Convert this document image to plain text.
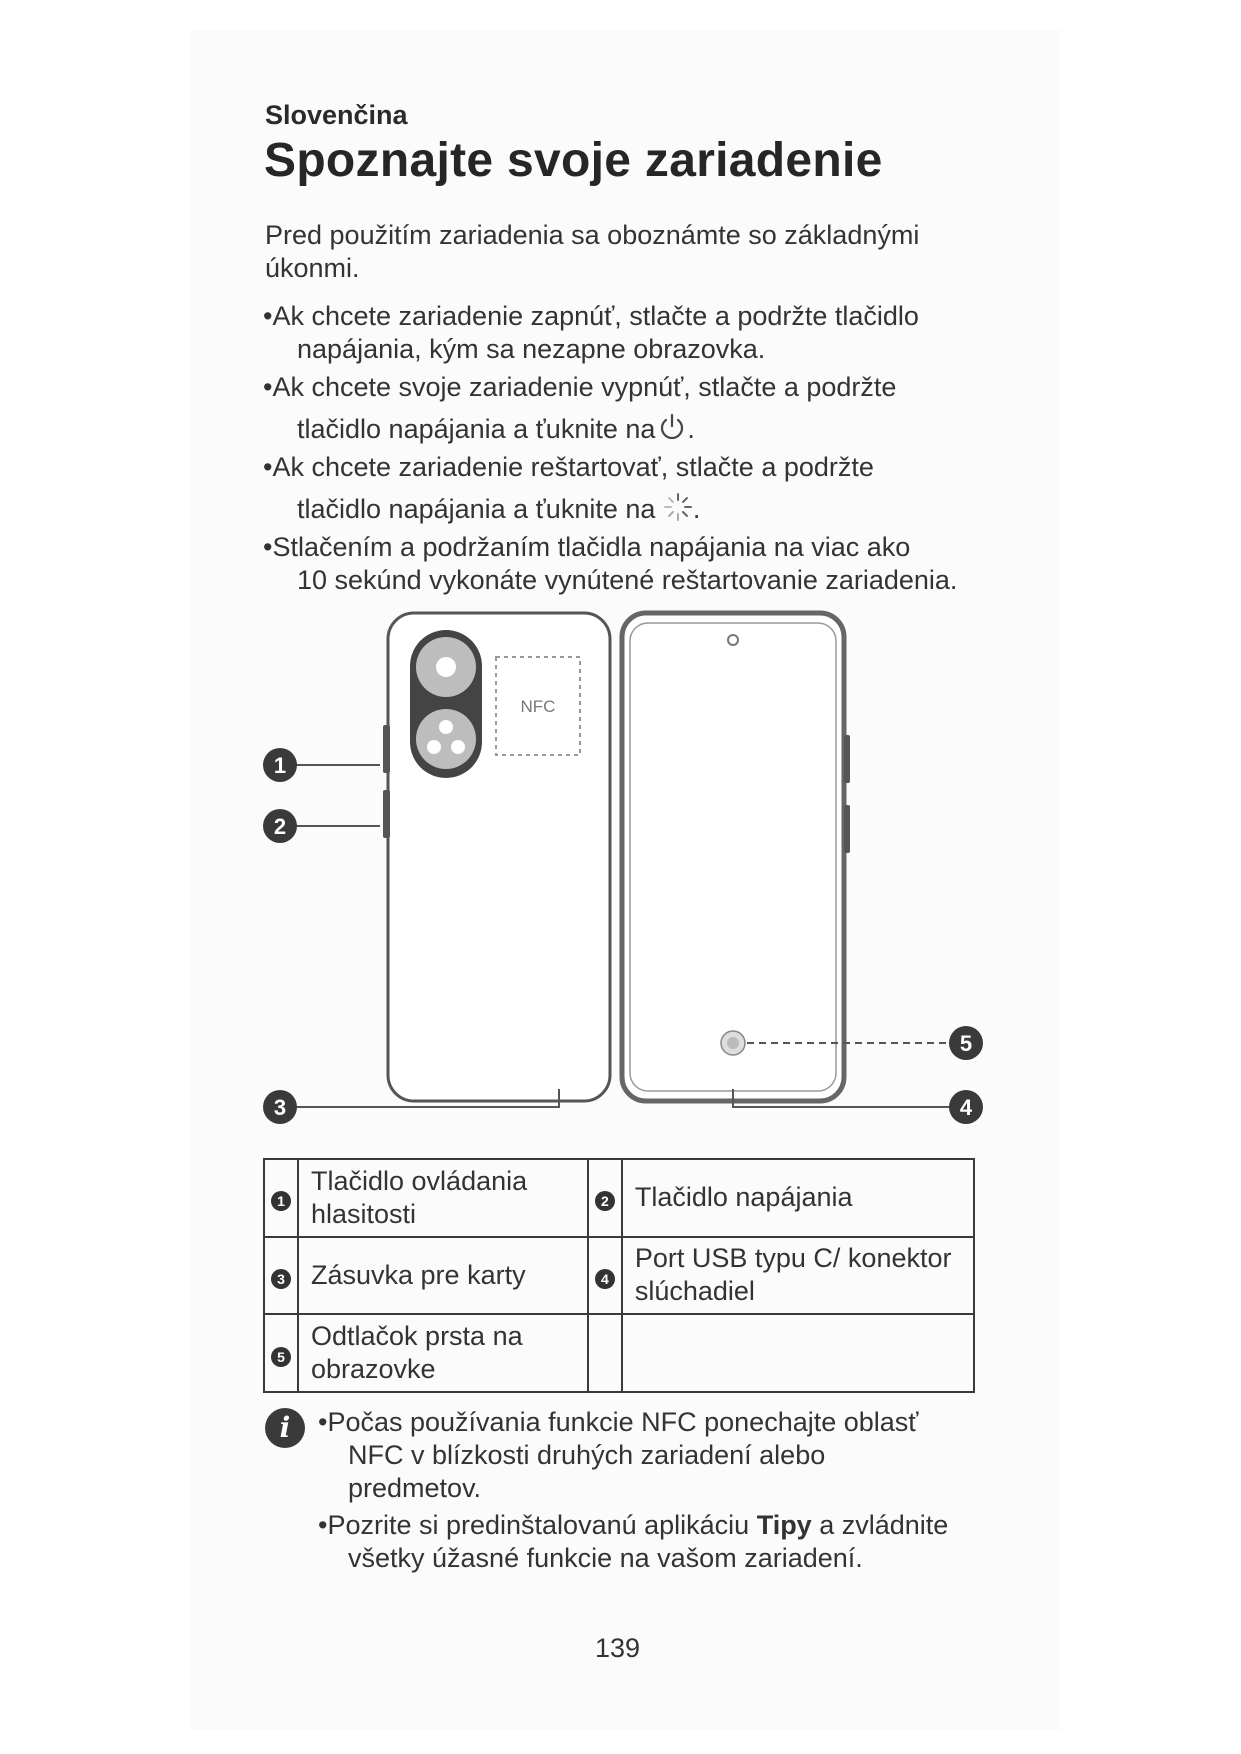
Slovenčina
Spoznajte svoje zariadenie
Pred použitím zariadenia sa oboznámte so základnými
úkonmi.
•Ak chcete zariadenie zapnúť, stlačte a podržte tlačidlo
napájania, kým sa nezapne obrazovka.
•Ak chcete svoje zariadenie vypnúť, stlačte a podržte
tlačidlo napájania a ťuknite na .
•Ak chcete zariadenie reštartovať, stlačte a podržte
tlačidlo napájania a ťuknite na .
•Stlačením a podržaním tlačidla napájania na viac ako
10 sekúnd vykonáte vynútené reštartovanie zariadenia.
NFC
1
2
3	4
5
1	Tlačidlo ovládania hlasitosti	2	Tlačidlo napájania
3	Zásuvka pre karty	4	Port USB typu C/ konektor slúchadiel
5	Odtlačok prsta na obrazovke		
i	•Počas používania funkcie NFC ponechajte oblasť
NFC v blízkosti druhých zariadení alebo
predmetov.
•Pozrite si predinštalovanú aplikáciu Tipy a zvládnite
všetky úžasné funkcie na vašom zariadení.
139
